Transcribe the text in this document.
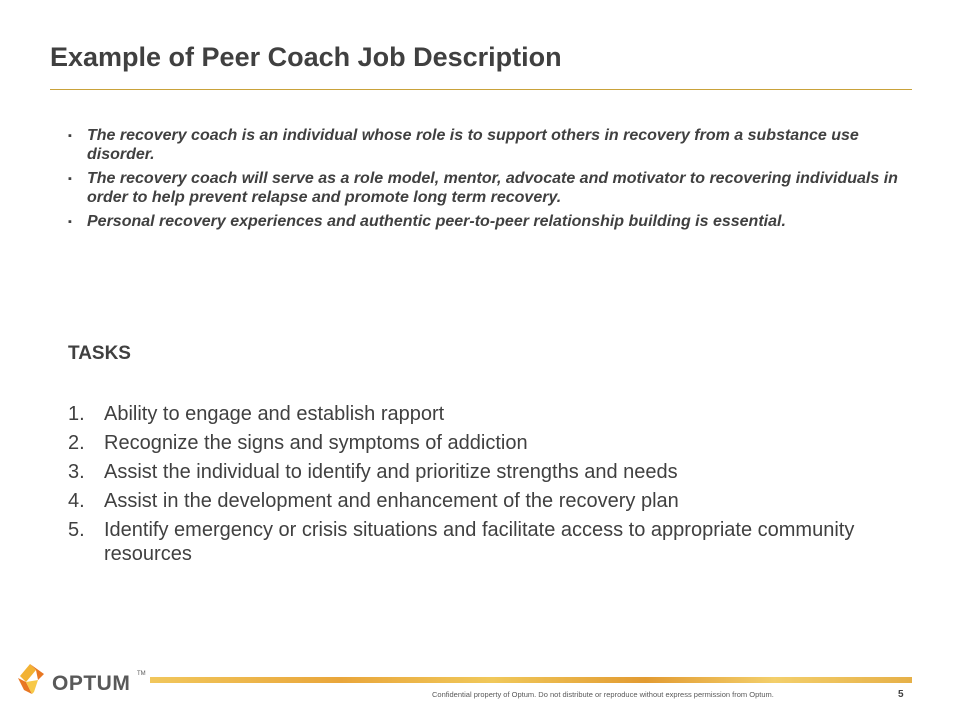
Example of Peer Coach Job Description
▪ The recovery coach is an individual whose role is to support others in recovery from a substance use disorder.
▪ The recovery coach will serve as a role model, mentor, advocate and motivator to recovering individuals in order to help prevent relapse and promote long term recovery.
▪ Personal recovery experiences and authentic peer-to-peer relationship building is essential.
TASKS
1. Ability to engage and establish rapport
2. Recognize the signs and symptoms of addiction
3. Assist the individual to identify and prioritize strengths and needs
4. Assist in the development and enhancement of the recovery plan
5. Identify emergency or crisis situations and facilitate access to appropriate community resources
OPTUM TM
Confidential property of Optum. Do not distribute or reproduce without express permission from Optum.	5
